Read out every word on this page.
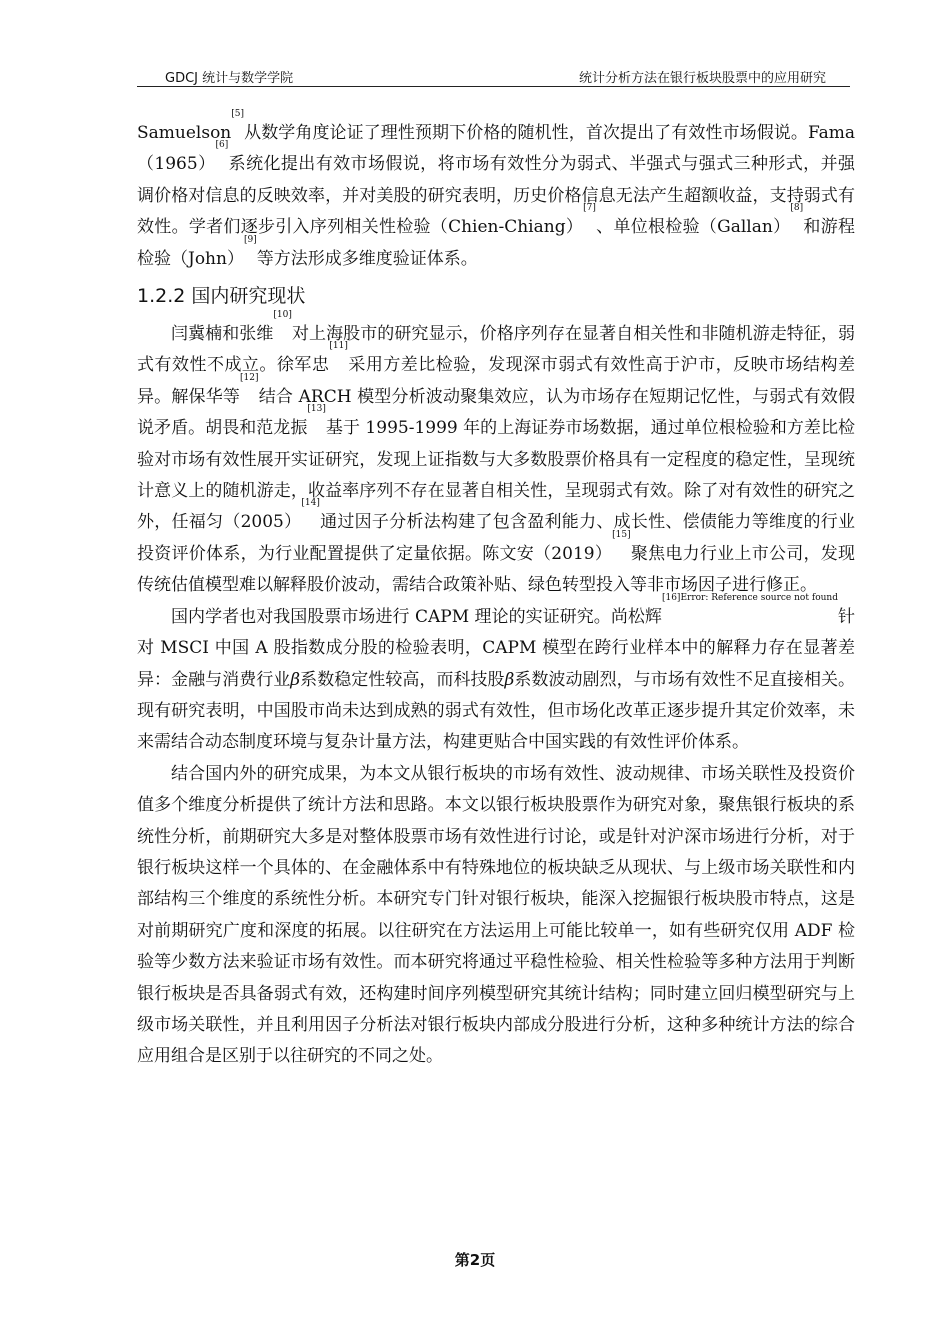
GDCJ 统计与数学学院	统计分析方法在银行板块股票中的应用研究

Samuelson[5]从数学角度论证了理性预期下价格的随机性，首次提出了有效性市场假说。Fama（1965）[6]系统化提出有效市场假说，将市场有效性分为弱式、半强式与强式三种形式，并强调价格对信息的反映效率，并对美股的研究表明，历史价格信息无法产生超额收益，支持弱式有效性。学者们逐步引入序列相关性检验（Chien-Chiang）[7]、单位根检验（Gallan）[8]和游程检验（John）[9]等方法形成多维度验证体系。

1.2.2 国内研究现状

闫冀楠和张维[10]对上海股市的研究显示，价格序列存在显著自相关性和非随机游走特征，弱式有效性不成立。徐军忠[11]采用方差比检验，发现深市弱式有效性高于沪市，反映市场结构差异。解保华等[12]结合 ARCH 模型分析波动聚集效应，认为市场存在短期记忆性，与弱式有效假说矛盾。胡畏和范龙振[13]基于 1995-1999 年的上海证券市场数据，通过单位根检验和方差比检验对市场有效性展开实证研究，发现上证指数与大多数股票价格具有一定程度的稳定性，呈现统计意义上的随机游走，收益率序列不存在显著自相关性，呈现弱式有效。除了对有效性的研究之外，任福匀（2005）[14]通过因子分析法构建了包含盈利能力、成长性、偿债能力等维度的行业投资评价体系，为行业配置提供了定量依据。陈文安（2019）[15]聚焦电力行业上市公司，发现传统估值模型难以解释股价波动，需结合政策补贴、绿色转型投入等非市场因子进行修正。

国内学者也对我国股票市场进行 CAPM 理论的实证研究。尚松辉$^{[16]Error: Reference source not found}$针对 MSCI 中国 A 股指数成分股的检验表明，CAPM 模型在跨行业样本中的解释力存在显著差异：金融与消费行业β系数稳定性较高，而科技股β系数波动剧烈，与市场有效性不足直接相关。现有研究表明，中国股市尚未达到成熟的弱式有效性，但市场化改革正逐步提升其定价效率，未来需结合动态制度环境与复杂计量方法，构建更贴合中国实践的有效性评价体系。

结合国内外的研究成果，为本文从银行板块的市场有效性、波动规律、市场关联性及投资价值多个维度分析提供了统计方法和思路。本文以银行板块股票作为研究对象，聚焦银行板块的系统性分析，前期研究大多是对整体股票市场有效性进行讨论，或是针对沪深市场进行分析，对于银行板块这样一个具体的、在金融体系中有特殊地位的板块缺乏从现状、与上级市场关联性和内部结构三个维度的系统性分析。本研究专门针对银行板块，能深入挖掘银行板块股市特点，这是对前期研究广度和深度的拓展。以往研究在方法运用上可能比较单一，如有些研究仅用 ADF 检验等少数方法来验证市场有效性。而本研究将通过平稳性检验、相关性检验等多种方法用于判断银行板块是否具备弱式有效，还构建时间序列模型研究其统计结构；同时建立回归模型研究与上级市场关联性，并且利用因子分析法对银行板块内部成分股进行分析，这种多种统计方法的综合应用组合是区别于以往研究的不同之处。

第2页
